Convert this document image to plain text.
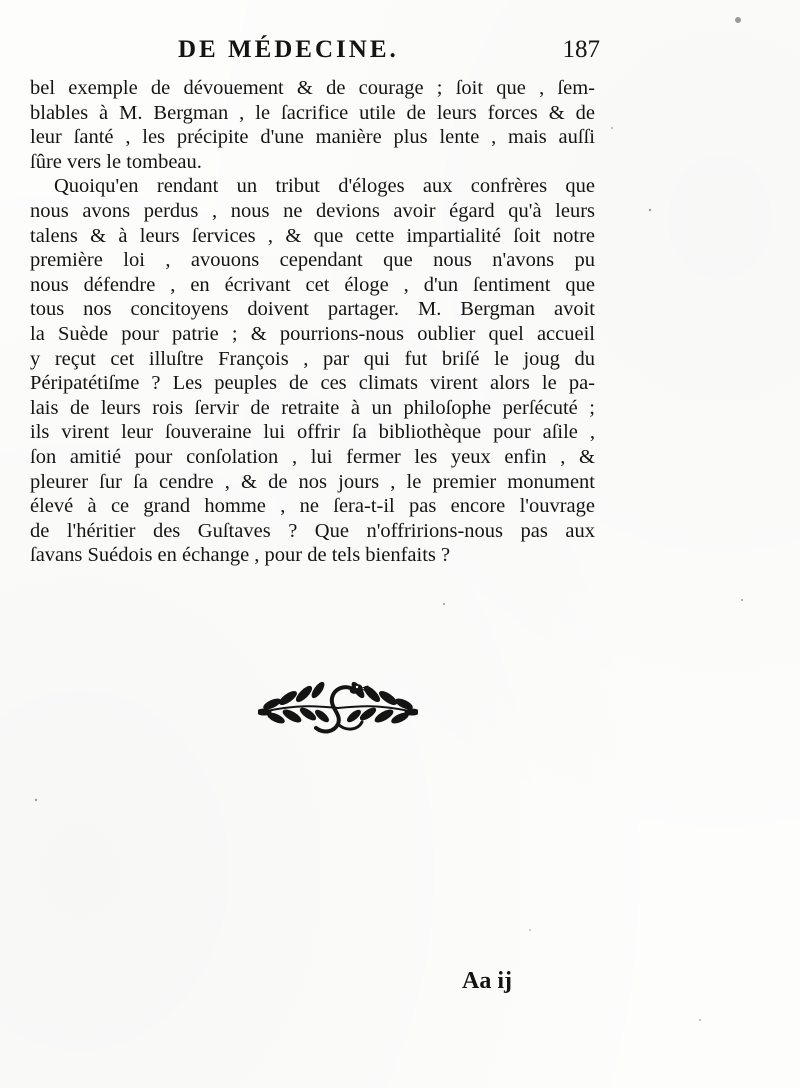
DE MÉDECINE.	187
bel exemple de dévouement & de courage ; ſoit que , ſem-
blables à M. Bergman , le ſacrifice utile de leurs forces & de
leur ſanté , les précipite d'une manière plus lente , mais auſſi
ſûre vers le tombeau.
Quoiqu'en rendant un tribut d'éloges aux confrères que
nous avons perdus , nous ne devions avoir égard qu'à leurs
talens & à leurs ſervices , & que cette impartialité ſoit notre
première loi , avouons cependant que nous n'avons pu
nous défendre , en écrivant cet éloge , d'un ſentiment que
tous nos concitoyens doivent partager. M. Bergman avoit
la Suède pour patrie ; & pourrions-nous oublier quel accueil
y reçut cet illuſtre François , par qui fut briſé le joug du
Péripatétiſme ? Les peuples de ces climats virent alors le pa-
lais de leurs rois ſervir de retraite à un philoſophe perſécuté ;
ils virent leur ſouveraine lui offrir ſa bibliothèque pour aſile ,
ſon amitié pour conſolation , lui fermer les yeux enfin , &
pleurer ſur ſa cendre , & de nos jours , le premier monument
élevé à ce grand homme , ne ſera-t-il pas encore l'ouvrage
de l'héritier des Guſtaves ? Que n'offririons-nous pas aux
ſavans Suédois en échange , pour de tels bienfaits ?
Aa ij
